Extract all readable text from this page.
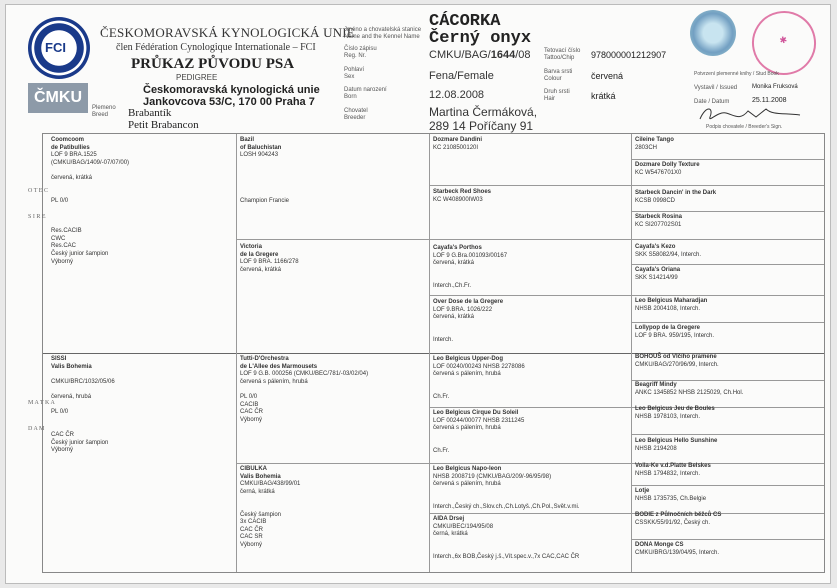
FCI
ČMKU
ČESKOMORAVSKÁ KYNOLOGICKÁ UNIE
člen Fédération Cynologique Internationale – FCI
PRŮKAZ PŮVODU PSA
PEDIGREE
Českomoravská kynologická unie
Jankovcova 53/C, 170 00 Praha 7
Plemeno
Breed	Brabantík
Petit Brabancon
Jméno a chovatelská stanice
Name and the Kennel Name
Číslo zápisu
Reg. Nr.
Pohlaví
Sex
Datum narození
Born
Chovatel
Breeder
CÁCORKA
Černý onyx
CMKU/BAG/1644/08
Fena/Female
12.08.2008
Martina Čermáková,
289 14 Poříčany 91
Tetovací číslo
Tattoo/Chip
Barva srsti
Colour
Druh srsti
Hair
978000001212907
červená
krátká
✱
Potvrzení plemenné knihy / Stud Book
Vystavil / Issued Monika Fruksová
Date / Datum	25.11.2008
Podpis chovatele / Breeder's Sign.
Coomcoom
de Patibullies
LOF 9 BRA.1525
(CMKU/BAG/1409/-07/07/00)

červená, krátká

PL 0/0

Res.CACIB
CWC
Res.CAC
Český junior šampion
Výborný
SISSI
Valis Bohemia

CMKU/BRC/1032/05/06

červená, hrubá

PL 0/0

CAC ČR
Český junior šampion
Výborný
Bazil
of Baluchistan
LOSH 904243

Champion Francie
Victoria
de la Gregere
LOF 9 BRA. 1166/278
červená, krátká
Tutti-D'Orchestra
de L'Allee des Marmousets
LOF 9 G.B. 000256 (CMKU/BEC/781/-03/02/04)
červená s pálením, hrubá

PL 0/0
CACIB
CAC ČR
Výborný
CIBULKA
Valis Bohemia
CMKU/BAG/438/99/01
černá, krátká

Český šampion
3x CACIB
CAC ČR
CAC SR
Výborný
Dozmare Dandini
KC 2108500120I
Starbeck Red Shoes
KC W408900IW03
Cayafa's Porthos
LOF 9 G.Bra.001093/00167
červená, krátká

Interch.,Ch.Fr.
Over Dose de la Gregere
LOF 9.BRA. 1026/222
červená, krátká

Interch.
Leo Belgicus Upper-Dog
LOF 00240/00243 NHSB 2278086
červená s pálením, hrubá

Ch.Fr.
Leo Belgicus Cirque Du Soleil
LOF 00244/00077 NHSB 2311245
červená s pálením, hrubá

Ch.Fr.
Leo Belgicus Napo-leon
NHSB 2008719 (CMKU/BAG/209/-96/95/98)
červená s pálením, hrubá

Interch.,Český ch.,Slov.ch.,Ch.Lotyš.,Ch.Pol.,Svět.v.mi.
AIDA Drsej
CMKU/BEC/194/95/08
černá, krátká

Interch.,6x BOB,Český j.š.,Vít.spec.v.,7x CAC,CAC ČR
Cileine Tango
2803CH
Dozmare Dolly Texture
KC W5476701X0
Starbeck Dancin' in the Dark
KCSB 0998CD
Starbeck Rosina
KC SI207702S01
Cayafa's Kezo
SKK S58082/94, Interch.
Cayafa's Oriana
SKK S14214/99
Leo Belgicus Maharadjan
NHSB 2004108, Interch.
Lollypop de la Gregere
LOF 9 BRA. 959/195, Interch.
BOHOUŠ od Vlčího pramene
CMKU/BAG/270/96/99, Interch.
Beagriff Mindy
ANKC 1345852 NHSB 2125029, Ch.Hol.
Leo Belgicus Jeu de Boules
NHSB 1978103, Interch.
Leo Belgicus Hello Sunshine
NHSB 2194208
Voila-Ke v.d.Platte Belskes
NHSB 1794832, Interch.
Lotje
NHSB 1735735, Ch.Belgie
BODIE z Půlnočních běžců CS
CSSKK/55/91/92, Český ch.
DONA Monge CS
CMKU/BRG/139/04/95, Interch.
O T E C

S I R E
M A T K A

D A M
